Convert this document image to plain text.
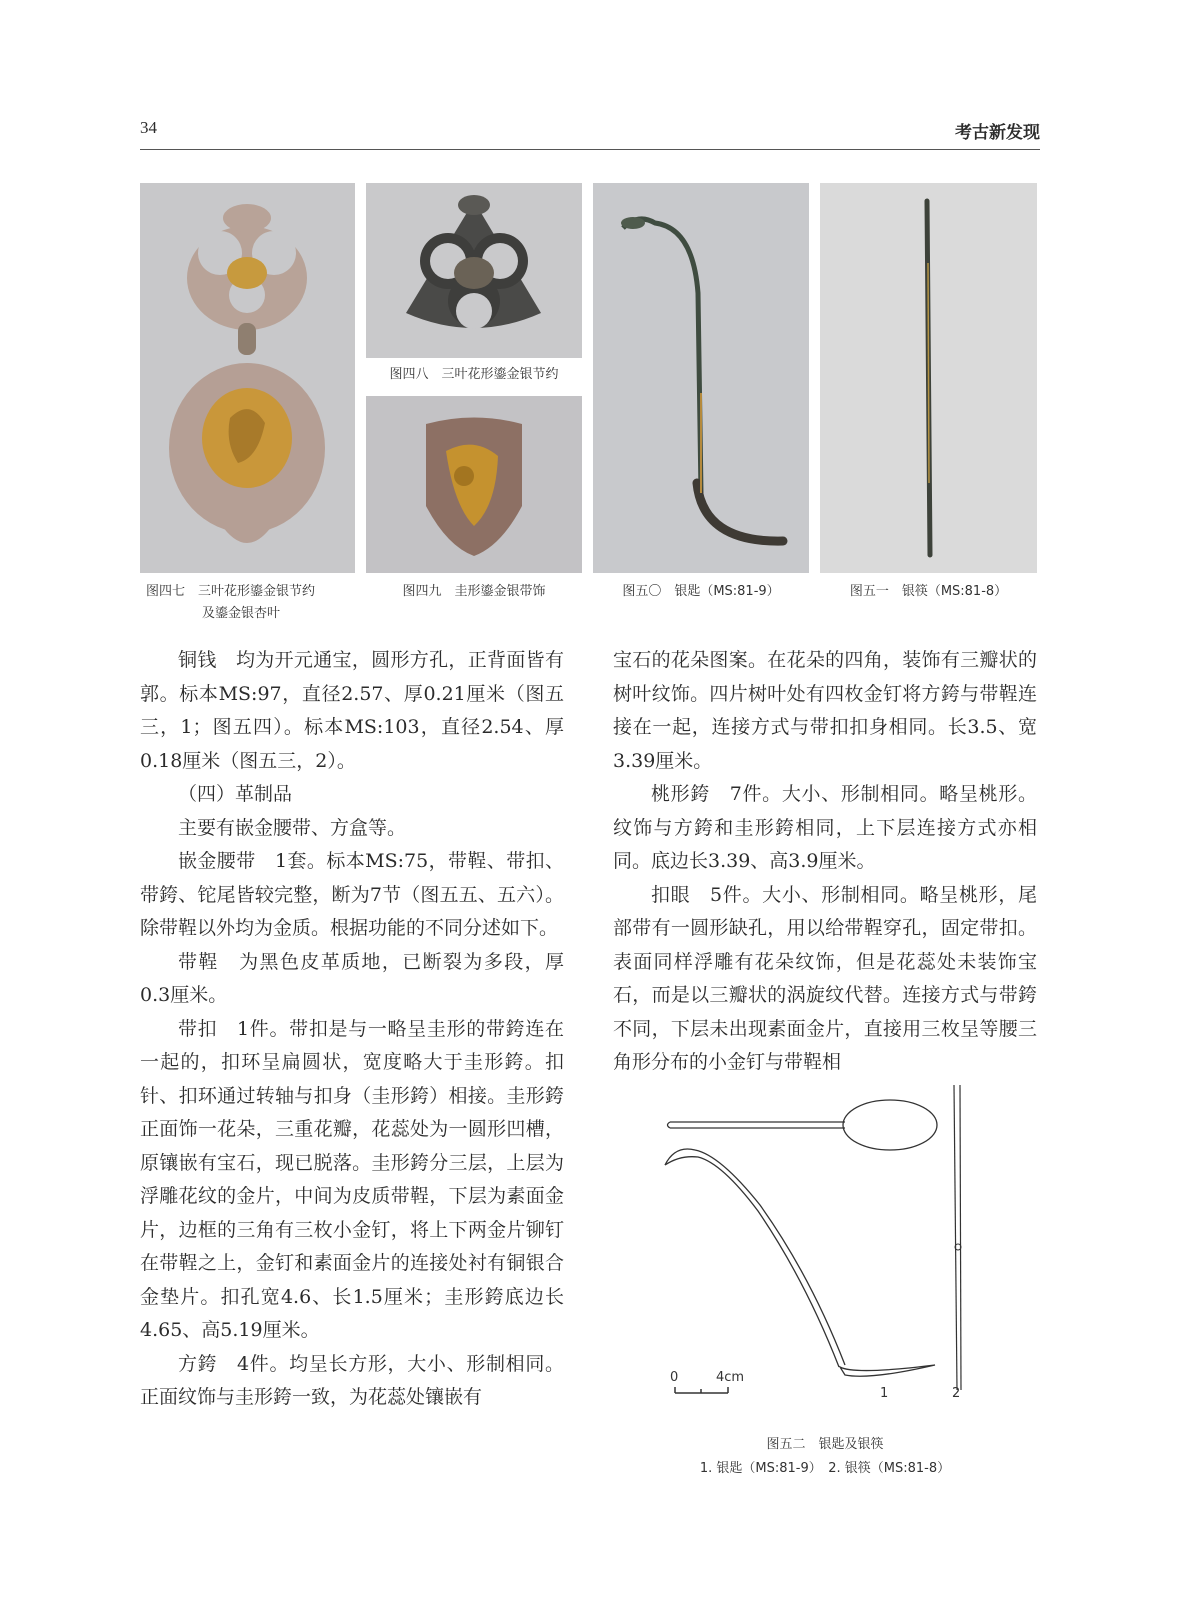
34	考古新发现
图四八　三叶花形鎏金银节约
图四七　三叶花形鎏金银节约
及鎏金银杏叶
图四九　圭形鎏金银带饰	图五〇　银匙（MS:81-9）	图五一　银筷（MS:81-8）

铜钱　均为开元通宝，圆形方孔，正背面皆有郭。标本MS:97，直径2.57、厚0.21厘米（图五三，1；图五四）。标本MS:103，直径2.54、厚0.18厘米（图五三，2）。

（四）革制品

主要有嵌金腰带、方盒等。

嵌金腰带　1套。标本MS:75，带鞓、带扣、带銙、铊尾皆较完整，断为7节（图五五、五六）。除带鞓以外均为金质。根据功能的不同分述如下。

带鞓　为黑色皮革质地，已断裂为多段，厚0.3厘米。

带扣　1件。带扣是与一略呈圭形的带銙连在一起的，扣环呈扁圆状，宽度略大于圭形銙。扣针、扣环通过转轴与扣身（圭形銙）相接。圭形銙正面饰一花朵，三重花瓣，花蕊处为一圆形凹槽，原镶嵌有宝石，现已脱落。圭形銙分三层，上层为浮雕花纹的金片，中间为皮质带鞓，下层为素面金片，边框的三角有三枚小金钉，将上下两金片铆钉在带鞓之上，金钉和素面金片的连接处衬有铜银合金垫片。扣孔宽4.6、长1.5厘米；圭形銙底边长4.65、高5.19厘米。

方銙　4件。均呈长方形，大小、形制相同。正面纹饰与圭形銙一致，为花蕊处镶嵌有

宝石的花朵图案。在花朵的四角，装饰有三瓣状的树叶纹饰。四片树叶处有四枚金钉将方銙与带鞓连接在一起，连接方式与带扣扣身相同。长3.5、宽3.39厘米。

桃形銙　7件。大小、形制相同。略呈桃形。纹饰与方銙和圭形銙相同，上下层连接方式亦相同。底边长3.39、高3.9厘米。

扣眼　5件。大小、形制相同。略呈桃形，尾部带有一圆形缺孔，用以给带鞓穿孔，固定带扣。表面同样浮雕有花朵纹饰，但是花蕊处未装饰宝石，而是以三瓣状的涡旋纹代替。连接方式与带銙不同，下层未出现素面金片，直接用三枚呈等腰三角形分布的小金钉与带鞓相

0	4cm
1	2
图五二　银匙及银筷
1. 银匙（MS:81-9）　2. 银筷（MS:81-8）
